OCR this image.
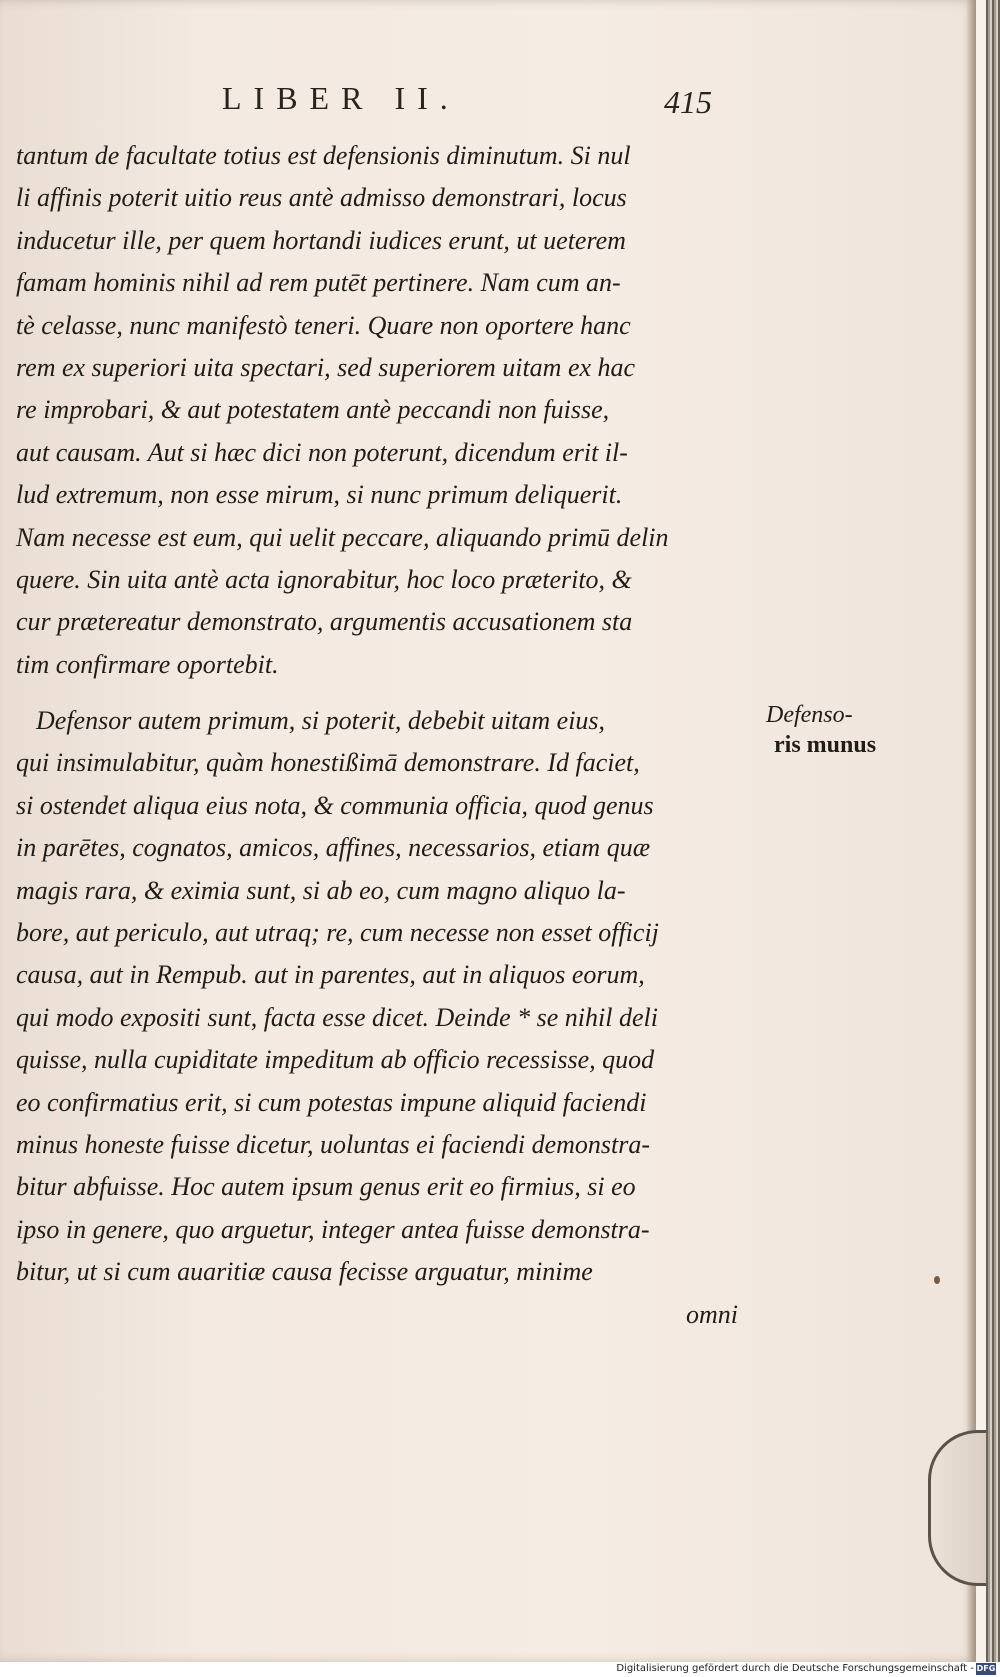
LIBER II.	415
tantum de facultate totius est defensionis diminutum. Si nul
li affinis poterit uitio reus antè admisso demonstrari, locus
inducetur ille, per quem hortandi iudices erunt, ut ueterem
famam hominis nihil ad rem putēt pertinere. Nam cum an-
tè celasse, nunc manifestò teneri. Quare non oportere hanc
rem ex superiori uita spectari, sed superiorem uitam ex hac
re improbari, & aut potestatem antè peccandi non fuisse,
aut causam. Aut si hæc dici non poterunt, dicendum erit il-
lud extremum, non esse mirum, si nunc primum deliquerit.
Nam necesse est eum, qui uelit peccare, aliquando primū delin
quere. Sin uita antè acta ignorabitur, hoc loco præterito, &
cur prætereatur demonstrato, argumentis accusationem sta
tim confirmare oportebit.
Defensor autem primum, si poterit, debebit uitam eius,
qui insimulabitur, quàm honestißimā demonstrare. Id faciet,
si ostendet aliqua eius nota, & communia officia, quod genus
in parētes, cognatos, amicos, affines, necessarios, etiam quæ
magis rara, & eximia sunt, si ab eo, cum magno aliquo la-
bore, aut periculo, aut utraq; re, cum necesse non esset officij
causa, aut in Rempub. aut in parentes, aut in aliquos eorum,
qui modo expositi sunt, facta esse dicet. Deinde * se nihil deli
quisse, nulla cupiditate impeditum ab officio recessisse, quod
eo confirmatius erit, si cum potestas impune aliquid faciendi
minus honeste fuisse dicetur, uoluntas ei faciendi demonstra-
bitur abfuisse. Hoc autem ipsum genus erit eo firmius, si eo
ipso in genere, quo arguetur, integer antea fuisse demonstra-
bitur, ut si cum auaritiæ causa fecisse arguatur, minime
omni
Defenso-
ris munus
Digitalisierung gefördert durch die Deutsche Forschungsgemeinschaft - DFG
